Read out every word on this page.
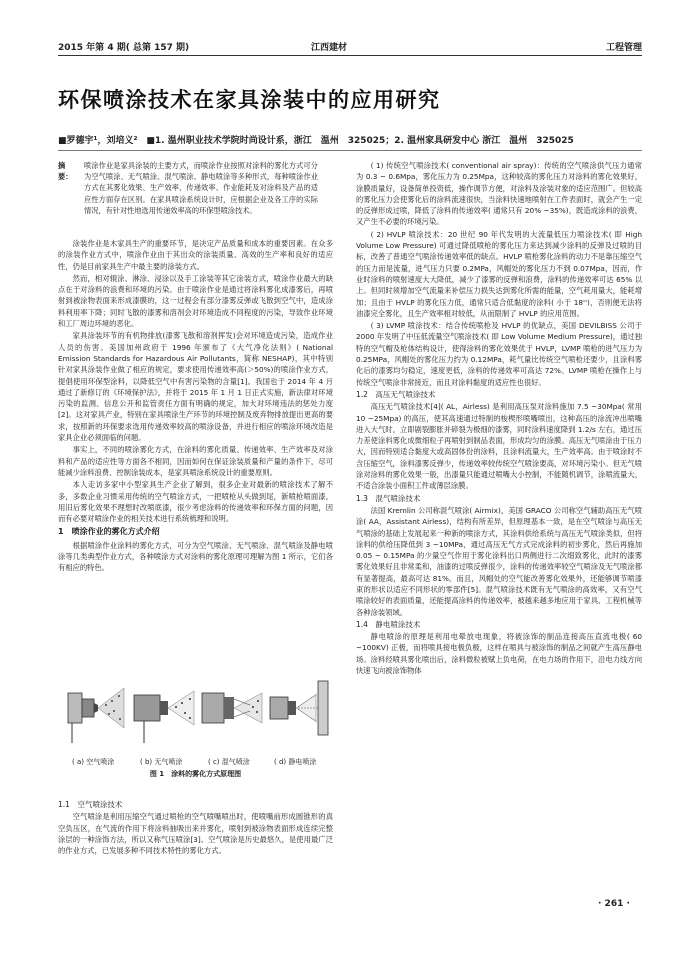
2015 年第 4 期( 总第 157 期)	江西建材	工程管理
环保喷涂技术在家具涂装中的应用研究
■罗德宇¹，刘培义²　■1. 温州职业技术学院时尚设计系，浙江　温州　325025；2. 温州家具研发中心 浙江　温州　325025
摘　要：
喷涂作业是家具涂装的主要方式，而喷涂作业按照对涂料的雾化方式可分为空气喷涂、无气喷涂、混气喷涂、静电喷涂等多种形式，每种喷涂作业方式在其雾化效果、生产效率、传递效率、作业能耗及对涂料及产品的适应性方面存在区别。在家具喷涂系统设计时，应根据企业及各工序的实际情况，有针对性地选用传递效率高的环保型喷涂技术。

涂装作业是木家具生产的重要环节，是决定产品质量和成本的重要因素。在众多的涂装作业方式中，喷涂作业由于其出众的涂装质量、高效的生产率和良好的适应性，仍是目前家具生产中最主要的涂装方式。

然而，相对辊涂、淋涂、浸涂以及手工涂装等其它涂装方式，喷涂作业最大的缺点在于对涂料的浪费和环境的污染。由于喷涂作业是通过将涂料雾化成漆雾后，再喷射到被涂物表面来形成漆膜的，这一过程会有部分漆雾反弹或飞散到空气中，造成涂料利用率下降；同时飞散的漆雾和溶剂会对环境造成不同程度的污染，导致作业环境和工厂周边环境的恶化。

家具涂装环节的有机物排放(漆雾飞散和溶剂挥发)会对环境造成污染，造成作业人员的伤害。美国加州政府于 1996 年颁布了《大气净化法则》( National Emission Standards for Hazardous Air Pollutants，简称 NESHAP)，其中特别针对家具涂装作业做了相应的规定，要求使用传递效率高(＞50%)的喷涂作业方式，提倡使用环保型涂料，以降低空气中有害污染物的含量[1]。我国也于 2014 年 4 月通过了新修订的《环境保护法》，并将于 2015 年 1 月 1 日正式实施，新法律对环境污染的监测、信息公开和监管责任方面有明确的规定，加大对环境违法的惩处力度[2]。这对家具产业，特别在家具喷涂生产环节的环境控制及废弃物排放提出更高的要求，按照新的环保要求选用传递效率较高的喷涂设备，并进行相应的喷涂环境改造是家具企业必须面临的问题。

事实上，不同的喷涂雾化方式，在涂料的雾化质量、传递效率、生产效率及对涂料和产品的适应性等方面各不相同，因而如何在保证涂装质量和产量的条件下，尽可能减少涂料浪费、控制涂装成本，是家具喷涂系统设计的重要原则。

本人走访多家中小型家具生产企业了解到，很多企业对最新的喷涂技术了解不多，多数企业习惯采用传统的空气喷涂方式，一把喷枪从头做到尾，新喷枪喷面漆，用旧后雾化效果不理想时改喷底漆，很少考虑涂料的传递效率和环保方面的问题，因而有必要对喷涂作业的相关技术进行系统梳理和说明。

1　喷涂作业的雾化方式介绍

根据喷涂作业涂料的雾化方式，可分为空气喷涂、无气喷涂、混气喷涂及静电喷涂等几类典型作业方式，各种喷涂方式对涂料的雾化原理可理解为图 1 所示，它们各有相应的特色。

( a) 空气喷涂	( b) 无气喷涂	( c) 混气喷涂	( d) 静电喷涂
图 1　涂料的雾化方式原理图
1.1　空气喷涂技术

空气喷涂是利用压缩空气通过喷枪的空气喷嘴喷出时，使喷嘴前形成圆锥形的真空负压区，在气流的作用下将涂料抽吸出来并雾化，喷射到被涂物表面形成连续完整涂层的一种涂饰方法，所以又称气压喷涂[3]。空气喷涂是历史最悠久，是使用最广泛的作业方式，已发展多种不同技术特性的雾化方式。

( 1) 传统空气喷涂技术( conventional air spray)：传统的空气喷涂供气压力通常为 0.3 ~ 0.6Mpa，雾化压力为 0.25Mpa，这种较高的雾化压力对涂料的雾化效果好，涂膜质量好，设备简单投资低，操作调节方便，对涂料及涂装对象的适应范围广。但较高的雾化压力会使雾化后的涂料流速很快，当涂料快速地喷射在工件表面时，就会产生一定的反弹形成过喷，降低了涂料的传递效率( 通常只有 20% ~35%)，既造成涂料的浪费，又产生不必要的环境污染。

( 2) HVLP 喷涂技术：20 世纪 90 年代发明的大流量低压力喷涂技术( 即 High Volume Low Pressure) 可通过降低喷枪的雾化压力来达到减少涂料的反弹及过喷的目标，改善了普通空气喷涂传递效率低的缺点。HVLP 喷枪雾化涂料的动力不是靠压缩空气的压力而是流量，进气压力只要 0.2MPa，风帽处的雾化压力不到 0.07Mpa，因而，作业时涂料的喷射速度大大降低，减少了漆雾的反弹和浪费，涂料的传递效率可达 65% 以上。但同时须增加空气流量来补偿压力损失达到雾化所需的能量，空气耗用量大，能耗增加；且由于 HVLP 的雾化压力低，通常只适合低黏度的涂料( 小于 18'')，否则便无法将油漆完全雾化，且生产效率相对较低，从而限制了 HVLP 的应用范围。

( 3) LVMP 喷涂技术：结合传统喷枪及 HVLP 的优缺点，美国 DEVILBISS 公司于 2000 年发明了中压低流量空气喷涂技术( 即 Low Volume Medium Pressure)，通过独特的空气帽及枪体结构设计，使得涂料的雾化效果优于 HVLP，LVMP 喷枪的进气压力为 0.25MPa，风帽处的雾化压力约为 0.12MPa，耗气量比传统空气喷枪还要少，且涂料雾化后的漆雾均匀稳定，速度更低，涂料的传递效率可高达 72%。LVMP 喷枪在操作上与传统空气喷涂非常接近，而且对涂料黏度的适应性也很好。

1.2　高压无气喷涂技术

高压无气喷涂技术[4]( AL，Airless) 是利用高压泵对涂料施加 7.5 ~30Mpa( 常用 10 ~25Mpa) 的高压，使其高速通过特制的梭楔形喷嘴喷出，这种高压的涂流冲出喷嘴进入大气时，立即剧裂膨胀并碎裂为极细的漆雾，同时涂料速度降到 1.2/s 左右，通过压力差使涂料雾化成微细粒子再喷射到制品表面，形成均匀的涂膜。高压无气喷涂由于压力大，因而特别适合黏度大或高固体份的涂料，且涂料流量大，生产效率高。由于喷涂时不含压缩空气，涂料漆雾反弹少，传递效率较传统空气喷涂要高，对环境污染小。但无气喷涂对涂料的雾化效果一般，出漆量只能通过喷嘴大小控制，不能随机调节，涂喷流量大，不适合涂装小面积工件或薄层涂膜。

1.3　混气喷涂技术

法国 Kremlin 公司称混气喷涂( Airmix)，美国 GRACO 公司称空气辅助高压无气喷涂( AA，Assistant Airless)，结构有所差异，但原理基本一致，是在空气喷涂与高压无气喷涂的基础上发展起来一种新的喷涂方式，其涂料供给系统与高压无气喷涂类似，但将涂料的供给压降低到 3 ~10MPa，通过高压无气方式完成涂料的初步雾化，然后再施加 0.05 ~ 0.15MPa 的少量空气作用于雾化涂料出口两侧进行二次细致雾化，此时的漆雾雾化效果好且非常柔和，油漆的过喷反弹很少，涂料的传递效率较空气喷涂及无气喷涂都有显著提高，最高可达 81%。而且，风帽处的空气能改善雾化效果外，还能够调节喷漆束的形状以适应不同形状的零部件[5]。混气喷涂技术既有无气喷涂的高效率，又有空气喷涂较好的表面质量，还能提高涂料的传递效率，被越来越多地应用于家具、工程机械等各种涂装领域。

1.4　静电喷涂技术

静电喷涂的原理是利用电晕放电现象，将被涂饰的制品连接高压直流电极( 60 ~100KV) 正极，而将喷具接电极负极，这样在喷具与被涂饰的制品之间就产生高压静电场。涂料经喷具雾化喷出后，涂料微粒被赋上负电荷，在电力场的作用下，沿电力线方向快速飞向被涂饰物体

· 261 ·
